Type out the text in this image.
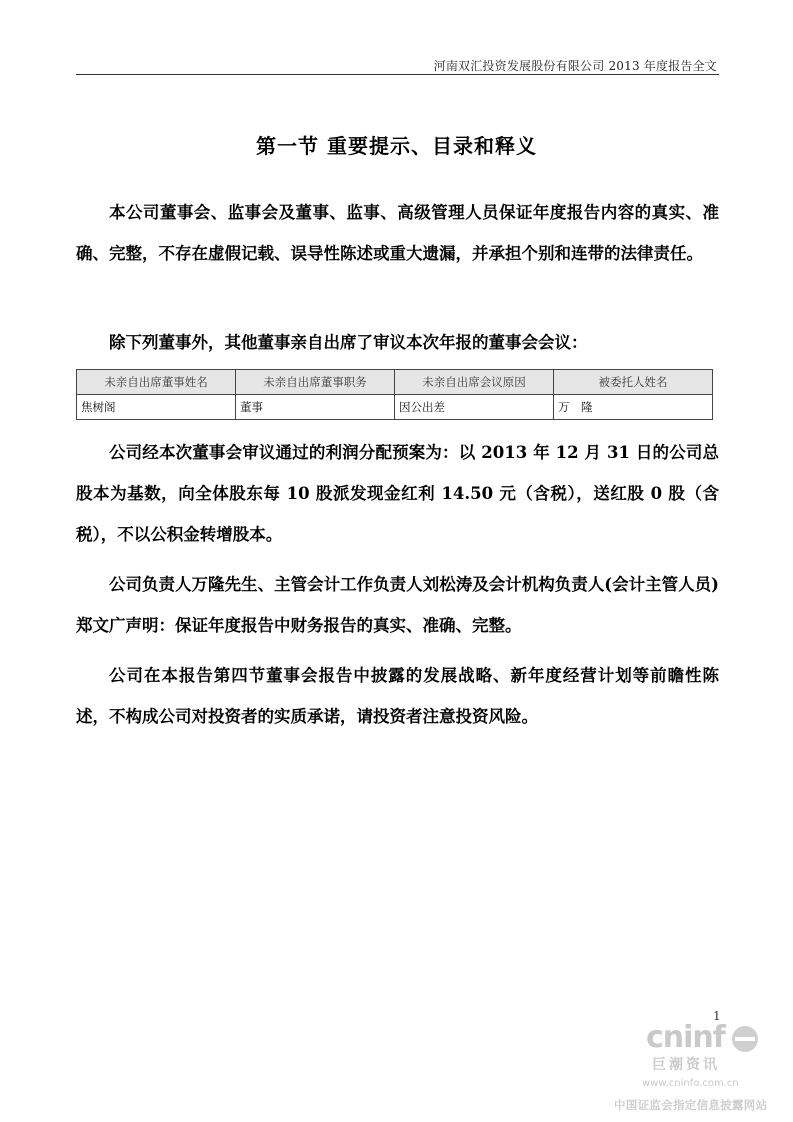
河南双汇投资发展股份有限公司 2013 年度报告全文
第一节 重要提示、目录和释义
本公司董事会、监事会及董事、监事、高级管理人员保证年度报告内容的真实、准确、完整，不存在虚假记载、误导性陈述或重大遗漏，并承担个别和连带的法律责任。
除下列董事外，其他董事亲自出席了审议本次年报的董事会会议：
未亲自出席董事姓名	未亲自出席董事职务	未亲自出席会议原因	被委托人姓名
焦树阁	董事	因公出差	万　隆
公司经本次董事会审议通过的利润分配预案为：以 2013 年 12 月 31 日的公司总股本为基数，向全体股东每 10 股派发现金红利 14.50 元（含税），送红股 0 股（含税），不以公积金转增股本。
公司负责人万隆先生、主管会计工作负责人刘松涛及会计机构负责人(会计主管人员)郑文广声明：保证年度报告中财务报告的真实、准确、完整。
公司在本报告第四节董事会报告中披露的发展战略、新年度经营计划等前瞻性陈述，不构成公司对投资者的实质承诺，请投资者注意投资风险。
1
cninf
巨潮资讯
www.cninfo.com.cn
中国证监会指定信息披露网站
